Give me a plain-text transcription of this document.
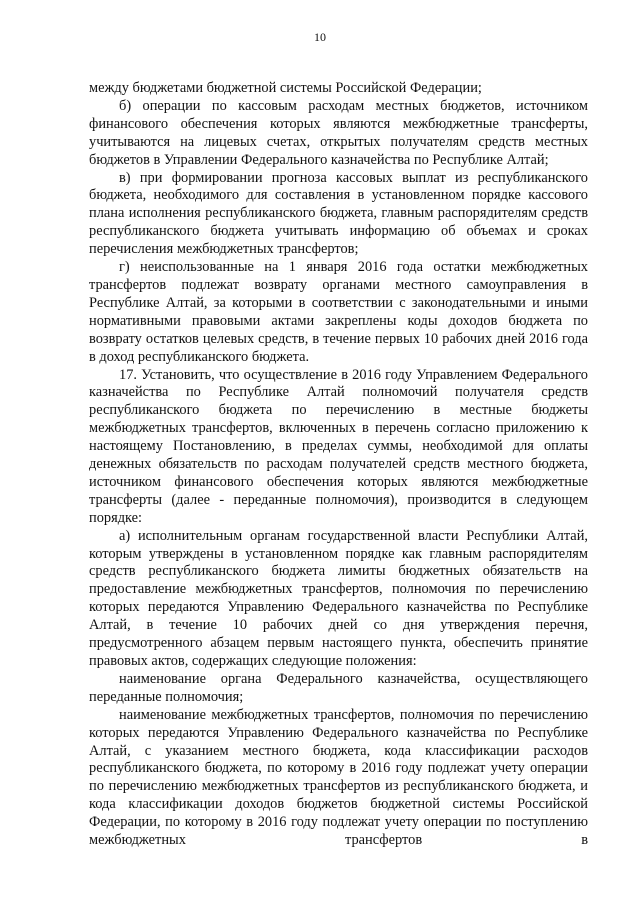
10

между бюджетами бюджетной системы Российской Федерации;

б) операции по кассовым расходам местных бюджетов, источником финансового обеспечения которых являются межбюджетные трансферты, учитываются на лицевых счетах, открытых получателям средств местных бюджетов в Управлении Федерального казначейства по Республике Алтай;

в) при формировании прогноза кассовых выплат из республиканского бюджета, необходимого для составления в установленном порядке кассового плана исполнения республиканского бюджета, главным распорядителям средств республиканского бюджета учитывать информацию об объемах и сроках перечисления межбюджетных трансфертов;

г) неиспользованные на 1 января 2016 года остатки межбюджетных трансфертов подлежат возврату органами местного самоуправления в Республике Алтай, за которыми в соответствии с законодательными и иными нормативными правовыми актами закреплены коды доходов бюджета по возврату остатков целевых средств, в течение первых 10 рабочих дней 2016 года в доход республиканского бюджета.

17. Установить, что осуществление в 2016 году Управлением Федерального казначейства по Республике Алтай полномочий получателя средств республиканского бюджета по перечислению в местные бюджеты межбюджетных трансфертов, включенных в перечень согласно приложению к настоящему Постановлению, в пределах суммы, необходимой для оплаты денежных обязательств по расходам получателей средств местного бюджета, источником финансового обеспечения которых являются межбюджетные трансферты (далее - переданные полномочия), производится в следующем порядке:

а) исполнительным органам государственной власти Республики Алтай, которым утверждены в установленном порядке как главным распорядителям средств республиканского бюджета лимиты бюджетных обязательств на предоставление межбюджетных трансфертов, полномочия по перечислению которых передаются Управлению Федерального казначейства по Республике Алтай, в течение 10 рабочих дней со дня утверждения перечня, предусмотренного абзацем первым настоящего пункта, обеспечить принятие правовых актов, содержащих следующие положения:

наименование органа Федерального казначейства, осуществляющего переданные полномочия;

наименование межбюджетных трансфертов, полномочия по перечислению которых передаются Управлению Федерального казначейства по Республике Алтай, с указанием местного бюджета, кода классификации расходов республиканского бюджета, по которому в 2016 году подлежат учету операции по перечислению межбюджетных трансфертов из республиканского бюджета, и кода классификации доходов бюджетов бюджетной системы Российской Федерации, по которому в 2016 году подлежат учету операции по поступлению межбюджетных трансфертов в
